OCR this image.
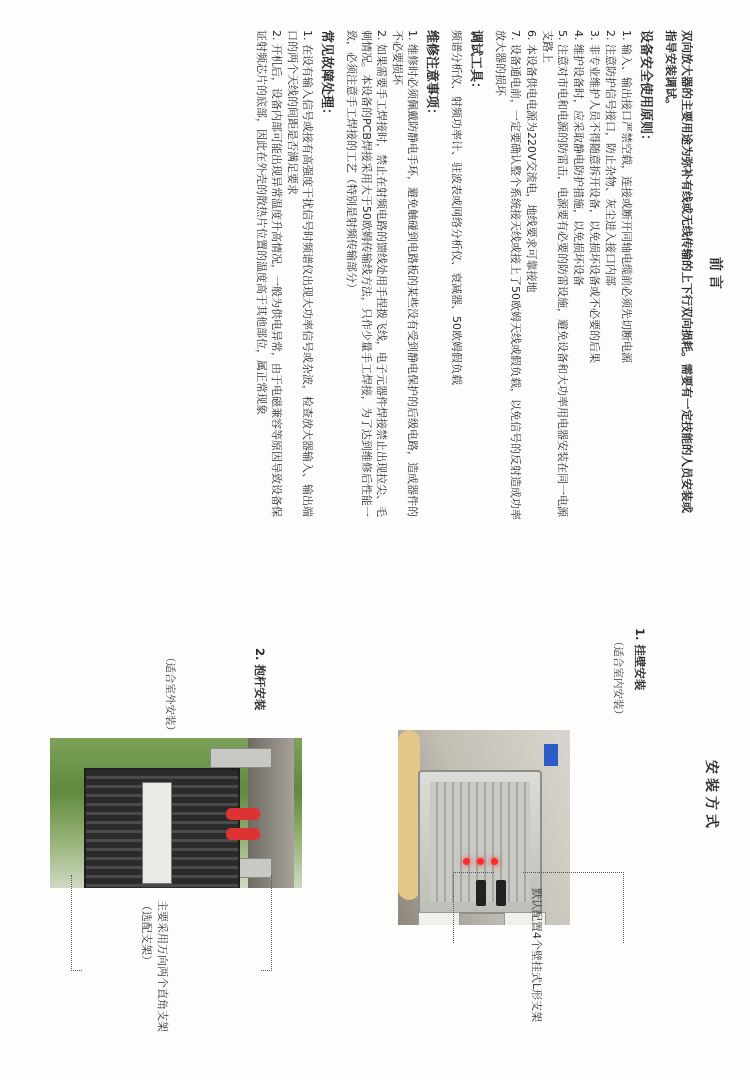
前言

双向放大器的主要用途为弥补有线或无线传输的上下行双向损耗。需要有一定技能的人员安装或指导安装调试。

设备安全使用原则：
1. 输入、输出接口严禁空载，连接或断开同轴电缆前必须先切断电源
2. 注意防护信号接口，防止杂物、灰尘进入接口内部
3. 非专业维护人员不得随意拆开设备，以免损坏设备或不必要的后果
4. 维护设备时，应采取静电防护措施，以免损坏设备
5. 注意对市电和电源的防雷击，电源要有必要的防雷设施，避免设备和大功率用电器安装在同一电源支路上
6. 本设备供电电源为220V交流电，地线要求可靠接地
7. 设备通电前，一定要确认整个系统接天线或接上了50欧姆天线或假负载，以免信号的反射造成功率放大器的损坏
调试工具：

频谱分析仪、射频功率计、驻波表或网络分析仪、衰减器、50欧姆假负载

维修注意事项：
1. 维修时必须佩戴防静电手环，避免触碰到电路板的某些没有受到静电保护的后级电路，造成器件的不必要损坏
2. 如果需要手工焊接时，禁止在射频电路的馈线处用手捏拨飞线，电子元器件焊接禁止出现拉尖、毛刺情况。本设备的PCB焊接采用大于50欧姆传输线方法，只作少量手工焊接，为了达到维修后性能一致，必须注意手工焊接的工艺（特别是射频传输部分）
常见故障处理：
1. 在设有输入信号或接有高强度干扰信号时频谱仪出现大功率信号或杂波，检查放大器输入、输出端口的两个天线的间距是否满足要求
2. 开机后，设备内部可能出现异常温度升高情况，一般为供电异常，由于电磁兼容等原因导致设备保证射频芯片的底部，因此在外壳的散热片位置的温度高于其他部位，属正常现象
安装方式
1. 挂壁安装
（适合室内安装）
默认配置4个壁挂式L形支架
2. 抱杆安装
（适合室外安装）
主要采用万向两个直角支架
（选配支架）
